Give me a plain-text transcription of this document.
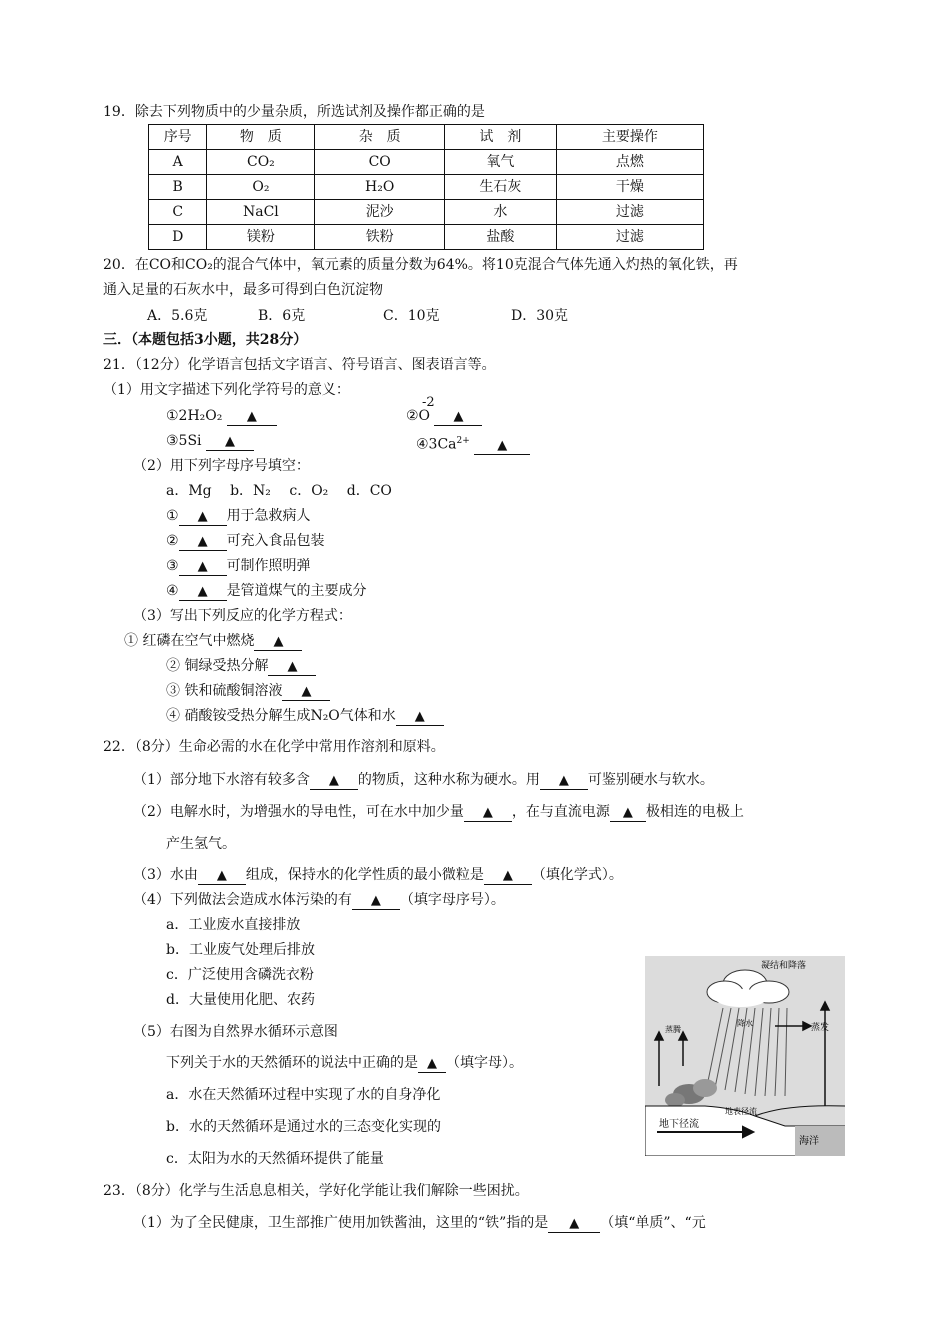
19．除去下列物质中的少量杂质，所选试剂及操作都正确的是
序号	物　质	杂　质	试　剂	主要操作
A	CO₂	CO	氧气	点燃
B	O₂	H₂O	生石灰	干燥
C	NaCl	泥沙	水	过滤
D	镁粉	铁粉	盐酸	过滤
20．在CO和CO₂的混合气体中，氧元素的质量分数为64%。将10克混合气体先通入灼热的氧化铁，再
通入足量的石灰水中，最多可得到白色沉淀物
A．5.6克	B．6克	C．10克	D．30克
三．（本题包括3小题，共28分）
21．（12分）化学语言包括文字语言、符号语言、图表语言等。
（1）用文字描述下列化学符号的意义：
①2H₂O₂ ▲	②O
-2
▲
③5Si ▲	$④3Ca^{2+}$ ▲
（2）用下列字母序号填空：
a．Mg　 b．N₂　 c．O₂　 d．CO
① ▲ 用于急救病人
② ▲ 可充入食品包装
③ ▲ 可制作照明弹
④ ▲ 是管道煤气的主要成分
（3）写出下列反应的化学方程式：
① 红磷在空气中燃烧 ▲
② 铜绿受热分解 ▲
③ 铁和硫酸铜溶液 ▲
④ 硝酸铵受热分解生成N₂O气体和水 ▲
22．（8分）生命必需的水在化学中常用作溶剂和原料。
（1）部分地下水溶有较多含 ▲ 的物质，这种水称为硬水。用 ▲ 可鉴别硬水与软水。
（2）电解水时，为增强水的导电性，可在水中加少量 ▲ ，在与直流电源 ▲ 极相连的电极上
产生氢气。
（3）水由 ▲ 组成，保持水的化学性质的最小微粒是 ▲ （填化学式）。
（4）下列做法会造成水体污染的有 ▲ （填字母序号）。
a．工业废水直接排放
b．工业废气处理后排放
c．广泛使用含磷洗衣粉
d．大量使用化肥、农药
（5）右图为自然界水循环示意图
下列关于水的天然循环的说法中正确的是 ▲ （填字母）。
a．水在天然循环过程中实现了水的自身净化
b．水的天然循环是通过水的三态变化实现的
c．太阳为水的天然循环提供了能量
凝结和降落
降水	蒸发
蒸腾
地表径流
地下径流
海洋
23．（8分）化学与生活息息相关，学好化学能让我们解除一些困扰。
（1）为了全民健康，卫生部推广使用加铁酱油，这里的“铁”指的是 ▲ （填“单质”、“元
